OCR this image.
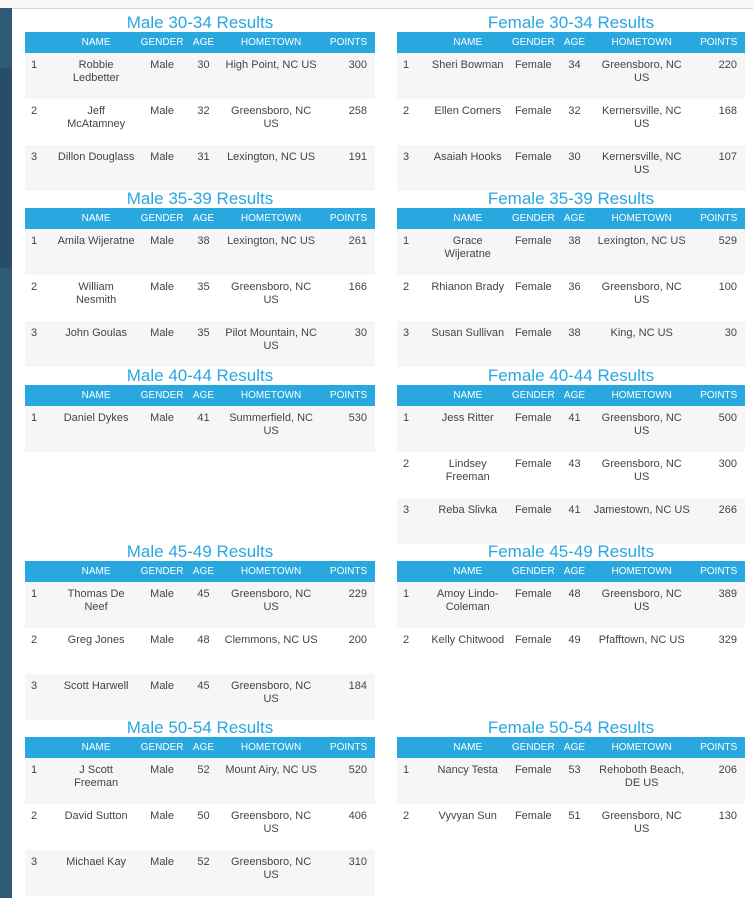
Male 30-34 Results
	NAME	GENDER	AGE	HOMETOWN	POINTS
1	Robbie Ledbetter	Male	30	High Point, NC US	300
2	Jeff McAtamney	Male	32	Greensboro, NC US	258
3	Dillon Douglass	Male	31	Lexington, NC US	191
Female 30-34 Results
	NAME	GENDER	AGE	HOMETOWN	POINTS
1	Sheri Bowman	Female	34	Greensboro, NC US	220
2	Ellen Corners	Female	32	Kernersville, NC US	168
3	Asaiah Hooks	Female	30	Kernersville, NC US	107
Male 35-39 Results
	NAME	GENDER	AGE	HOMETOWN	POINTS
1	Amila Wijeratne	Male	38	Lexington, NC US	261
2	William Nesmith	Male	35	Greensboro, NC US	166
3	John Goulas	Male	35	Pilot Mountain, NC US	30
Female 35-39 Results
	NAME	GENDER	AGE	HOMETOWN	POINTS
1	Grace Wijeratne	Female	38	Lexington, NC US	529
2	Rhianon Brady	Female	36	Greensboro, NC US	100
3	Susan Sullivan	Female	38	King, NC US	30
Male 40-44 Results
	NAME	GENDER	AGE	HOMETOWN	POINTS
1	Daniel Dykes	Male	41	Summerfield, NC US	530
Female 40-44 Results
	NAME	GENDER	AGE	HOMETOWN	POINTS
1	Jess Ritter	Female	41	Greensboro, NC US	500
2	Lindsey Freeman	Female	43	Greensboro, NC US	300
3	Reba Slivka	Female	41	Jamestown, NC US	266
Male 45-49 Results
	NAME	GENDER	AGE	HOMETOWN	POINTS
1	Thomas De Neef	Male	45	Greensboro, NC US	229
2	Greg Jones	Male	48	Clemmons, NC US	200
3	Scott Harwell	Male	45	Greensboro, NC US	184
Female 45-49 Results
	NAME	GENDER	AGE	HOMETOWN	POINTS
1	Amoy Lindo-Coleman	Female	48	Greensboro, NC US	389
2	Kelly Chitwood	Female	49	Pfafftown, NC US	329
Male 50-54 Results
	NAME	GENDER	AGE	HOMETOWN	POINTS
1	J Scott Freeman	Male	52	Mount Airy, NC US	520
2	David Sutton	Male	50	Greensboro, NC US	406
3	Michael Kay	Male	52	Greensboro, NC US	310
Female 50-54 Results
	NAME	GENDER	AGE	HOMETOWN	POINTS
1	Nancy Testa	Female	53	Rehoboth Beach, DE US	206
2	Vyvyan Sun	Female	51	Greensboro, NC US	130
